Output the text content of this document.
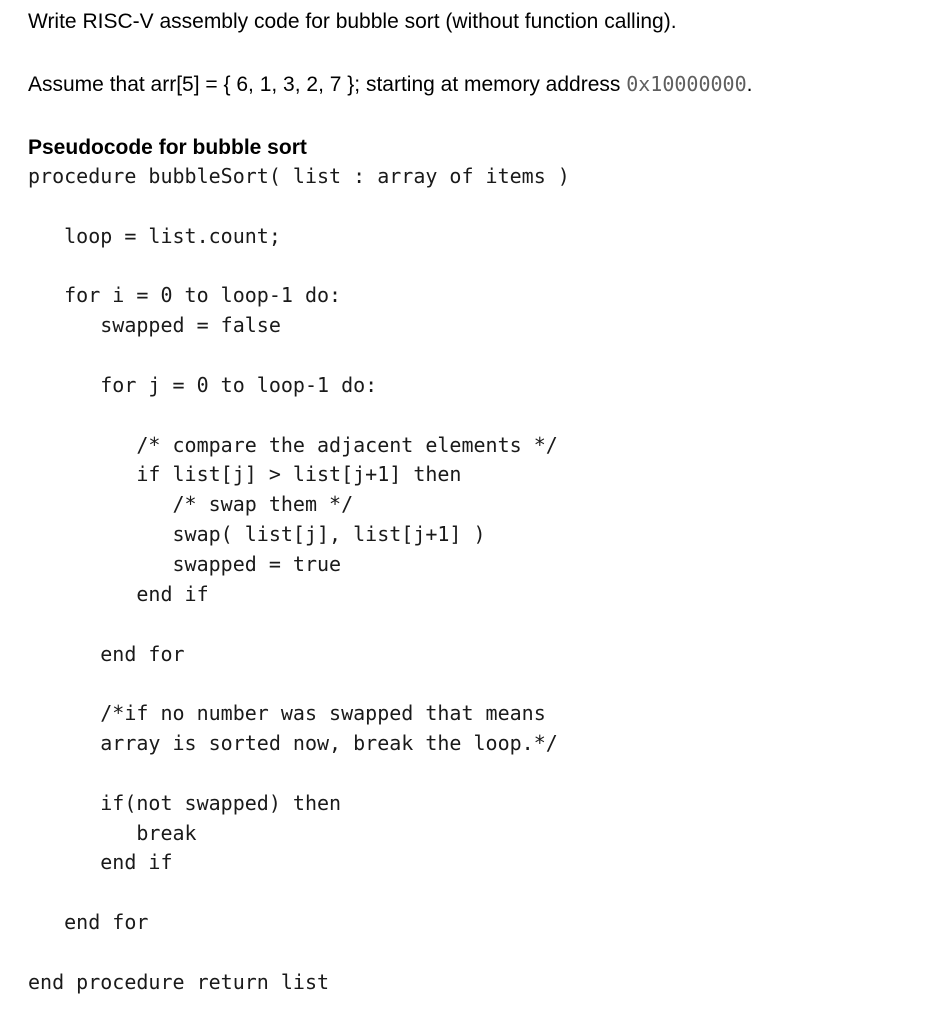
Write RISC-V assembly code for bubble sort (without function calling).

Assume that arr[5] = { 6, 1, 3, 2, 7 }; starting at memory address 0x10000000.

Pseudocode for bubble sort

procedure bubbleSort( list : array of items )
loop = list.count;
for i = 0 to loop-1 do:
swapped = false
for j = 0 to loop-1 do:
/* compare the adjacent elements */
if list[j] > list[j+1] then
/* swap them */
swap( list[j], list[j+1] )
swapped = true
end if
end for
/*if no number was swapped that means
array is sorted now, break the loop.*/
if(not swapped) then
break
end if
end for
end procedure return list
